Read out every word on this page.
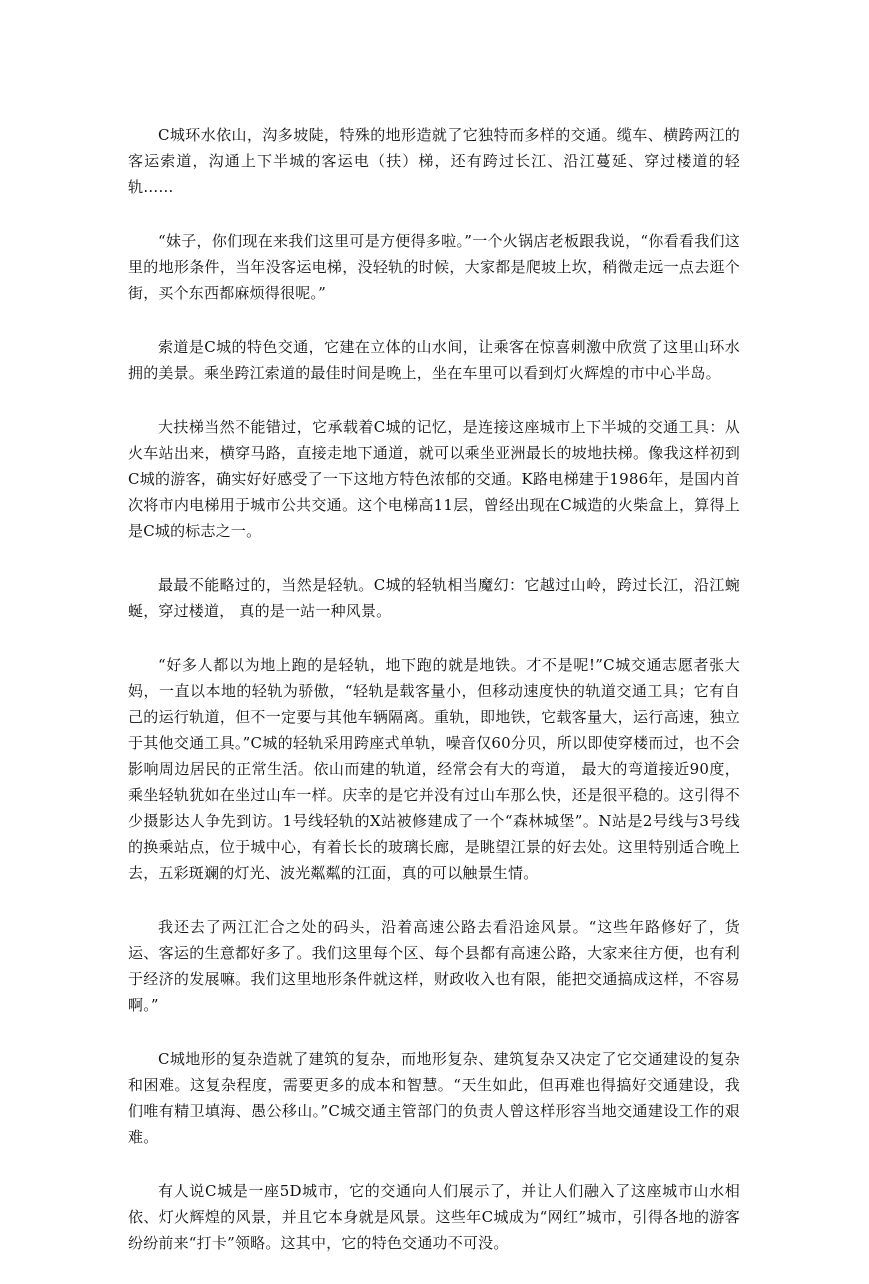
C城环水依山，沟多坡陡，特殊的地形造就了它独特而多样的交通。缆车、横跨两江的客运索道，沟通上下半城的客运电（扶）梯，还有跨过长江、沿江蔓延、穿过楼道的轻轨……

“妹子，你们现在来我们这里可是方便得多啦。”一个火锅店老板跟我说，“你看看我们这里的地形条件，当年没客运电梯，没轻轨的时候，大家都是爬坡上坎，稍微走远一点去逛个街，买个东西都麻烦得很呢。”

索道是C城的特色交通，它建在立体的山水间，让乘客在惊喜刺激中欣赏了这里山环水拥的美景。乘坐跨江索道的最佳时间是晚上，坐在车里可以看到灯火辉煌的市中心半岛。

大扶梯当然不能错过，它承载着C城的记忆，是连接这座城市上下半城的交通工具：从火车站出来，横穿马路，直接走地下通道，就可以乘坐亚洲最长的坡地扶梯。像我这样初到C城的游客，确实好好感受了一下这地方特色浓郁的交通。K路电梯建于1986年，是国内首次将市内电梯用于城市公共交通。这个电梯高11层，曾经出现在C城造的火柴盒上，算得上是C城的标志之一。

最最不能略过的，当然是轻轨。C城的轻轨相当魔幻：它越过山岭，跨过长江，沿江蜿蜒，穿过楼道， 真的是一站一种风景。

“好多人都以为地上跑的是轻轨，地下跑的就是地铁。才不是呢!”C城交通志愿者张大妈，一直以本地的轻轨为骄傲，“轻轨是载客量小，但移动速度快的轨道交通工具；它有自己的运行轨道，但不一定要与其他车辆隔离。重轨，即地铁，它载客量大，运行高速，独立于其他交通工具。”C城的轻轨采用跨座式单轨，噪音仅60分贝，所以即使穿楼而过，也不会影响周边居民的正常生活。依山而建的轨道，经常会有大的弯道， 最大的弯道接近90度，乘坐轻轨犹如在坐过山车一样。庆幸的是它并没有过山车那么快，还是很平稳的。这引得不少摄影达人争先到访。1号线轻轨的X站被修建成了一个“森林城堡”。N站是2号线与3号线的换乘站点，位于城中心，有着长长的玻璃长廊，是眺望江景的好去处。这里特别适合晚上去，五彩斑斓的灯光、波光粼粼的江面，真的可以触景生情。

我还去了两江汇合之处的码头，沿着高速公路去看沿途风景。“这些年路修好了，货运、客运的生意都好多了。我们这里每个区、每个县都有高速公路，大家来往方便，也有利于经济的发展嘛。我们这里地形条件就这样，财政收入也有限，能把交通搞成这样，不容易啊。”

C城地形的复杂造就了建筑的复杂，而地形复杂、建筑复杂又决定了它交通建设的复杂和困难。这复杂程度，需要更多的成本和智慧。“天生如此，但再难也得搞好交通建设，我们唯有精卫填海、愚公移山。”C城交通主管部门的负责人曾这样形容当地交通建设工作的艰难。

有人说C城是一座5D城市，它的交通向人们展示了，并让人们融入了这座城市山水相依、灯火辉煌的风景，并且它本身就是风景。这些年C城成为“网红”城市，引得各地的游客纷纷前来“打卡”领略。这其中，它的特色交通功不可没。
